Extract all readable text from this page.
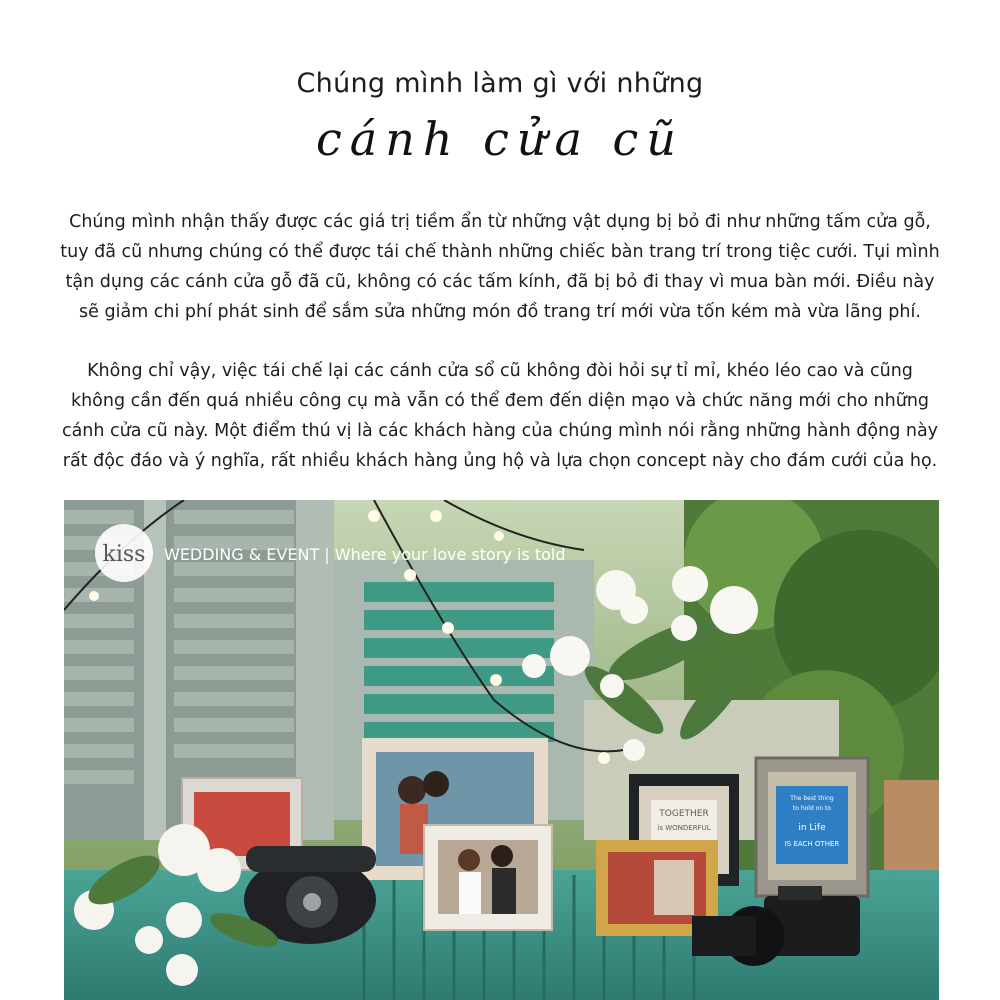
Chúng mình làm gì với những
cánh cửa cũ

Chúng mình nhận thấy được các giá trị tiềm ẩn từ những vật dụng bị bỏ đi như những tấm cửa gỗ, tuy đã cũ nhưng chúng có thể được tái chế thành những chiếc bàn trang trí trong tiệc cưới. Tụi mình tận dụng các cánh cửa gỗ đã cũ, không có các tấm kính, đã bị bỏ đi thay vì mua bàn mới. Điều này sẽ giảm chi phí phát sinh để sắm sửa những món đồ trang trí mới vừa tốn kém mà vừa lãng phí.

Không chỉ vậy, việc tái chế lại các cánh cửa sổ cũ không đòi hỏi sự tỉ mỉ, khéo léo cao và cũng không cần đến quá nhiều công cụ mà vẫn có thể đem đến diện mạo và chức năng mới cho những cánh cửa cũ này. Một điểm thú vị là các khách hàng của chúng mình nói rằng những hành động này rất độc đáo và ý nghĩa, rất nhiều khách hàng ủng hộ và lựa chọn concept này cho đám cưới của họ.

TOGETHER
is WONDERFUL
The best thing
to hold on to
in Life
IS EACH OTHER
kiss WEDDING & EVENT | Where your love story is told
